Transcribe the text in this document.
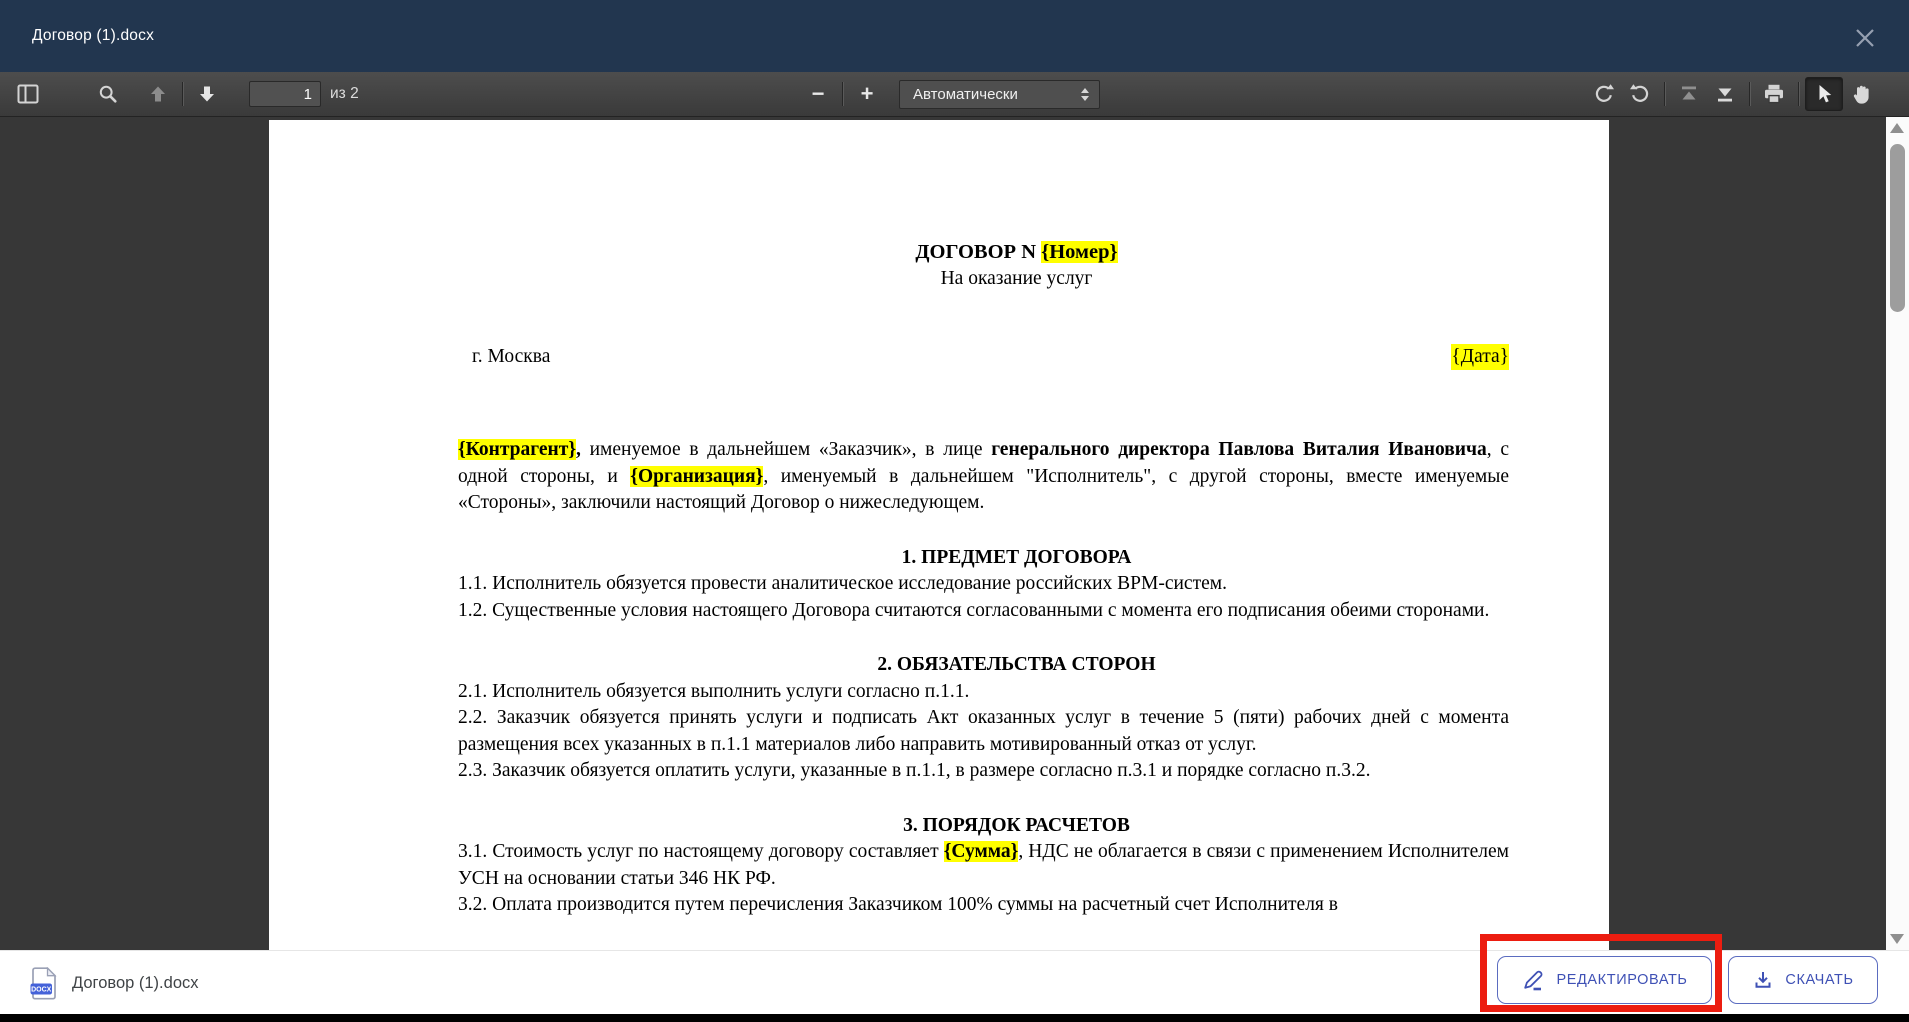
Договор (1).docx
1
из 2	− +	Автоматически
ДОГОВОР N {Номер}
На оказание услуг
г. Москва	{Дата}
{Контрагент}, именуемое в дальнейшем «Заказчик», в лице генерального директора Павлова Виталия Ивановича, с одной стороны, и {Организация}, именуемый в дальнейшем "Исполнитель", с другой стороны, вместе именуемые «Стороны», заключили настоящий Договор о нижеследующем.
1. ПРЕДМЕТ ДОГОВОРА
1.1. Исполнитель обязуется провести аналитическое исследование российских BPM-систем.
1.2. Существенные условия настоящего Договора считаются согласованными с момента его подписания обеими сторонами.
2. ОБЯЗАТЕЛЬСТВА СТОРОН
2.1. Исполнитель обязуется выполнить услуги согласно п.1.1.
2.2. Заказчик обязуется принять услуги и подписать Акт оказанных услуг в течение 5 (пяти) рабочих дней с момента размещения всех указанных в п.1.1 материалов либо направить мотивированный отказ от услуг.
2.3. Заказчик обязуется оплатить услуги, указанные в п.1.1, в размере согласно п.3.1 и порядке согласно п.3.2.
3. ПОРЯДОК РАСЧЕТОВ
3.1. Стоимость услуг по настоящему договору составляет {Сумма}, НДС не облагается в связи с применением Исполнителем УСН на основании статьи 346 НК РФ.
3.2. Оплата производится путем перечисления Заказчиком 100% суммы на расчетный счет Исполнителя в
DOCX Договор (1).docx	РЕДАКТИРОВАТЬ	СКАЧАТЬ
